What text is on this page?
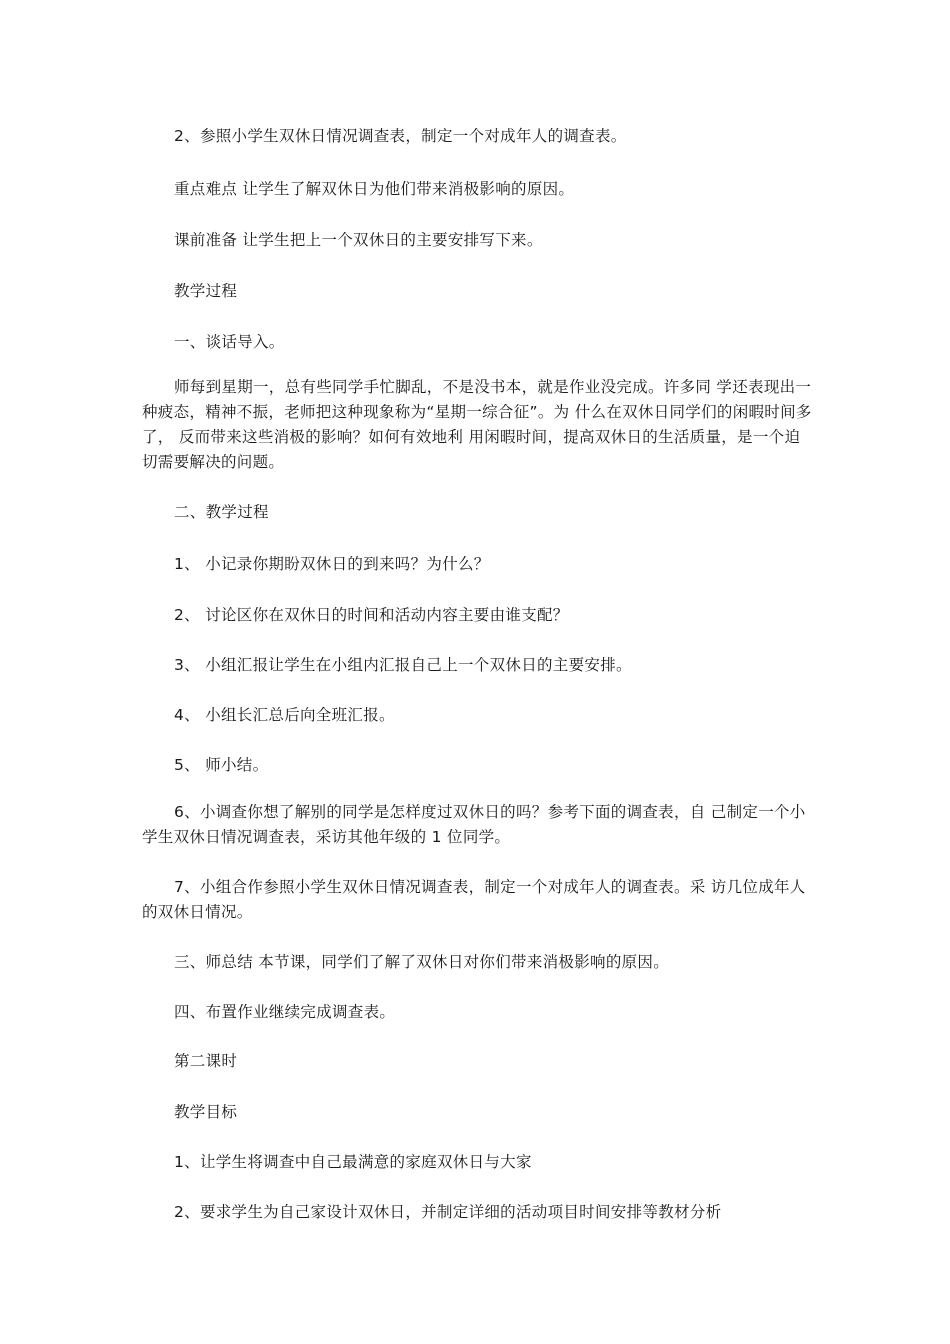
2、参照小学生双休日情况调查表，制定一个对成年人的调查表。

重点难点 让学生了解双休日为他们带来消极影响的原因。

课前准备 让学生把上一个双休日的主要安排写下来。

教学过程

一、谈话导入。

师每到星期一，总有些同学手忙脚乱，不是没书本，就是作业没完成。许多同 学还表现出一种疲态，精神不振，老师把这种现象称为“星期一综合征”。为 什么在双休日同学们的闲暇时间多了， 反而带来这些消极的影响？如何有效地利 用闲暇时间，提高双休日的生活质量，是一个迫切需要解决的问题。

二、教学过程

1、 小记录你期盼双休日的到来吗？为什么？

2、 讨论区你在双休日的时间和活动内容主要由谁支配？

3、 小组汇报让学生在小组内汇报自己上一个双休日的主要安排。

4、 小组长汇总后向全班汇报。

5、 师小结。

6、小调查你想了解别的同学是怎样度过双休日的吗？参考下面的调查表，自 己制定一个小学生双休日情况调查表，采访其他年级的 1 位同学。

7、小组合作参照小学生双休日情况调查表，制定一个对成年人的调查表。采 访几位成年人的双休日情况。

三、师总结 本节课，同学们了解了双休日对你们带来消极影响的原因。

四、布置作业继续完成调查表。

第二课时

教学目标

1、让学生将调查中自己最满意的家庭双休日与大家

2、要求学生为自己家设计双休日，并制定详细的活动项目时间安排等教材分析
